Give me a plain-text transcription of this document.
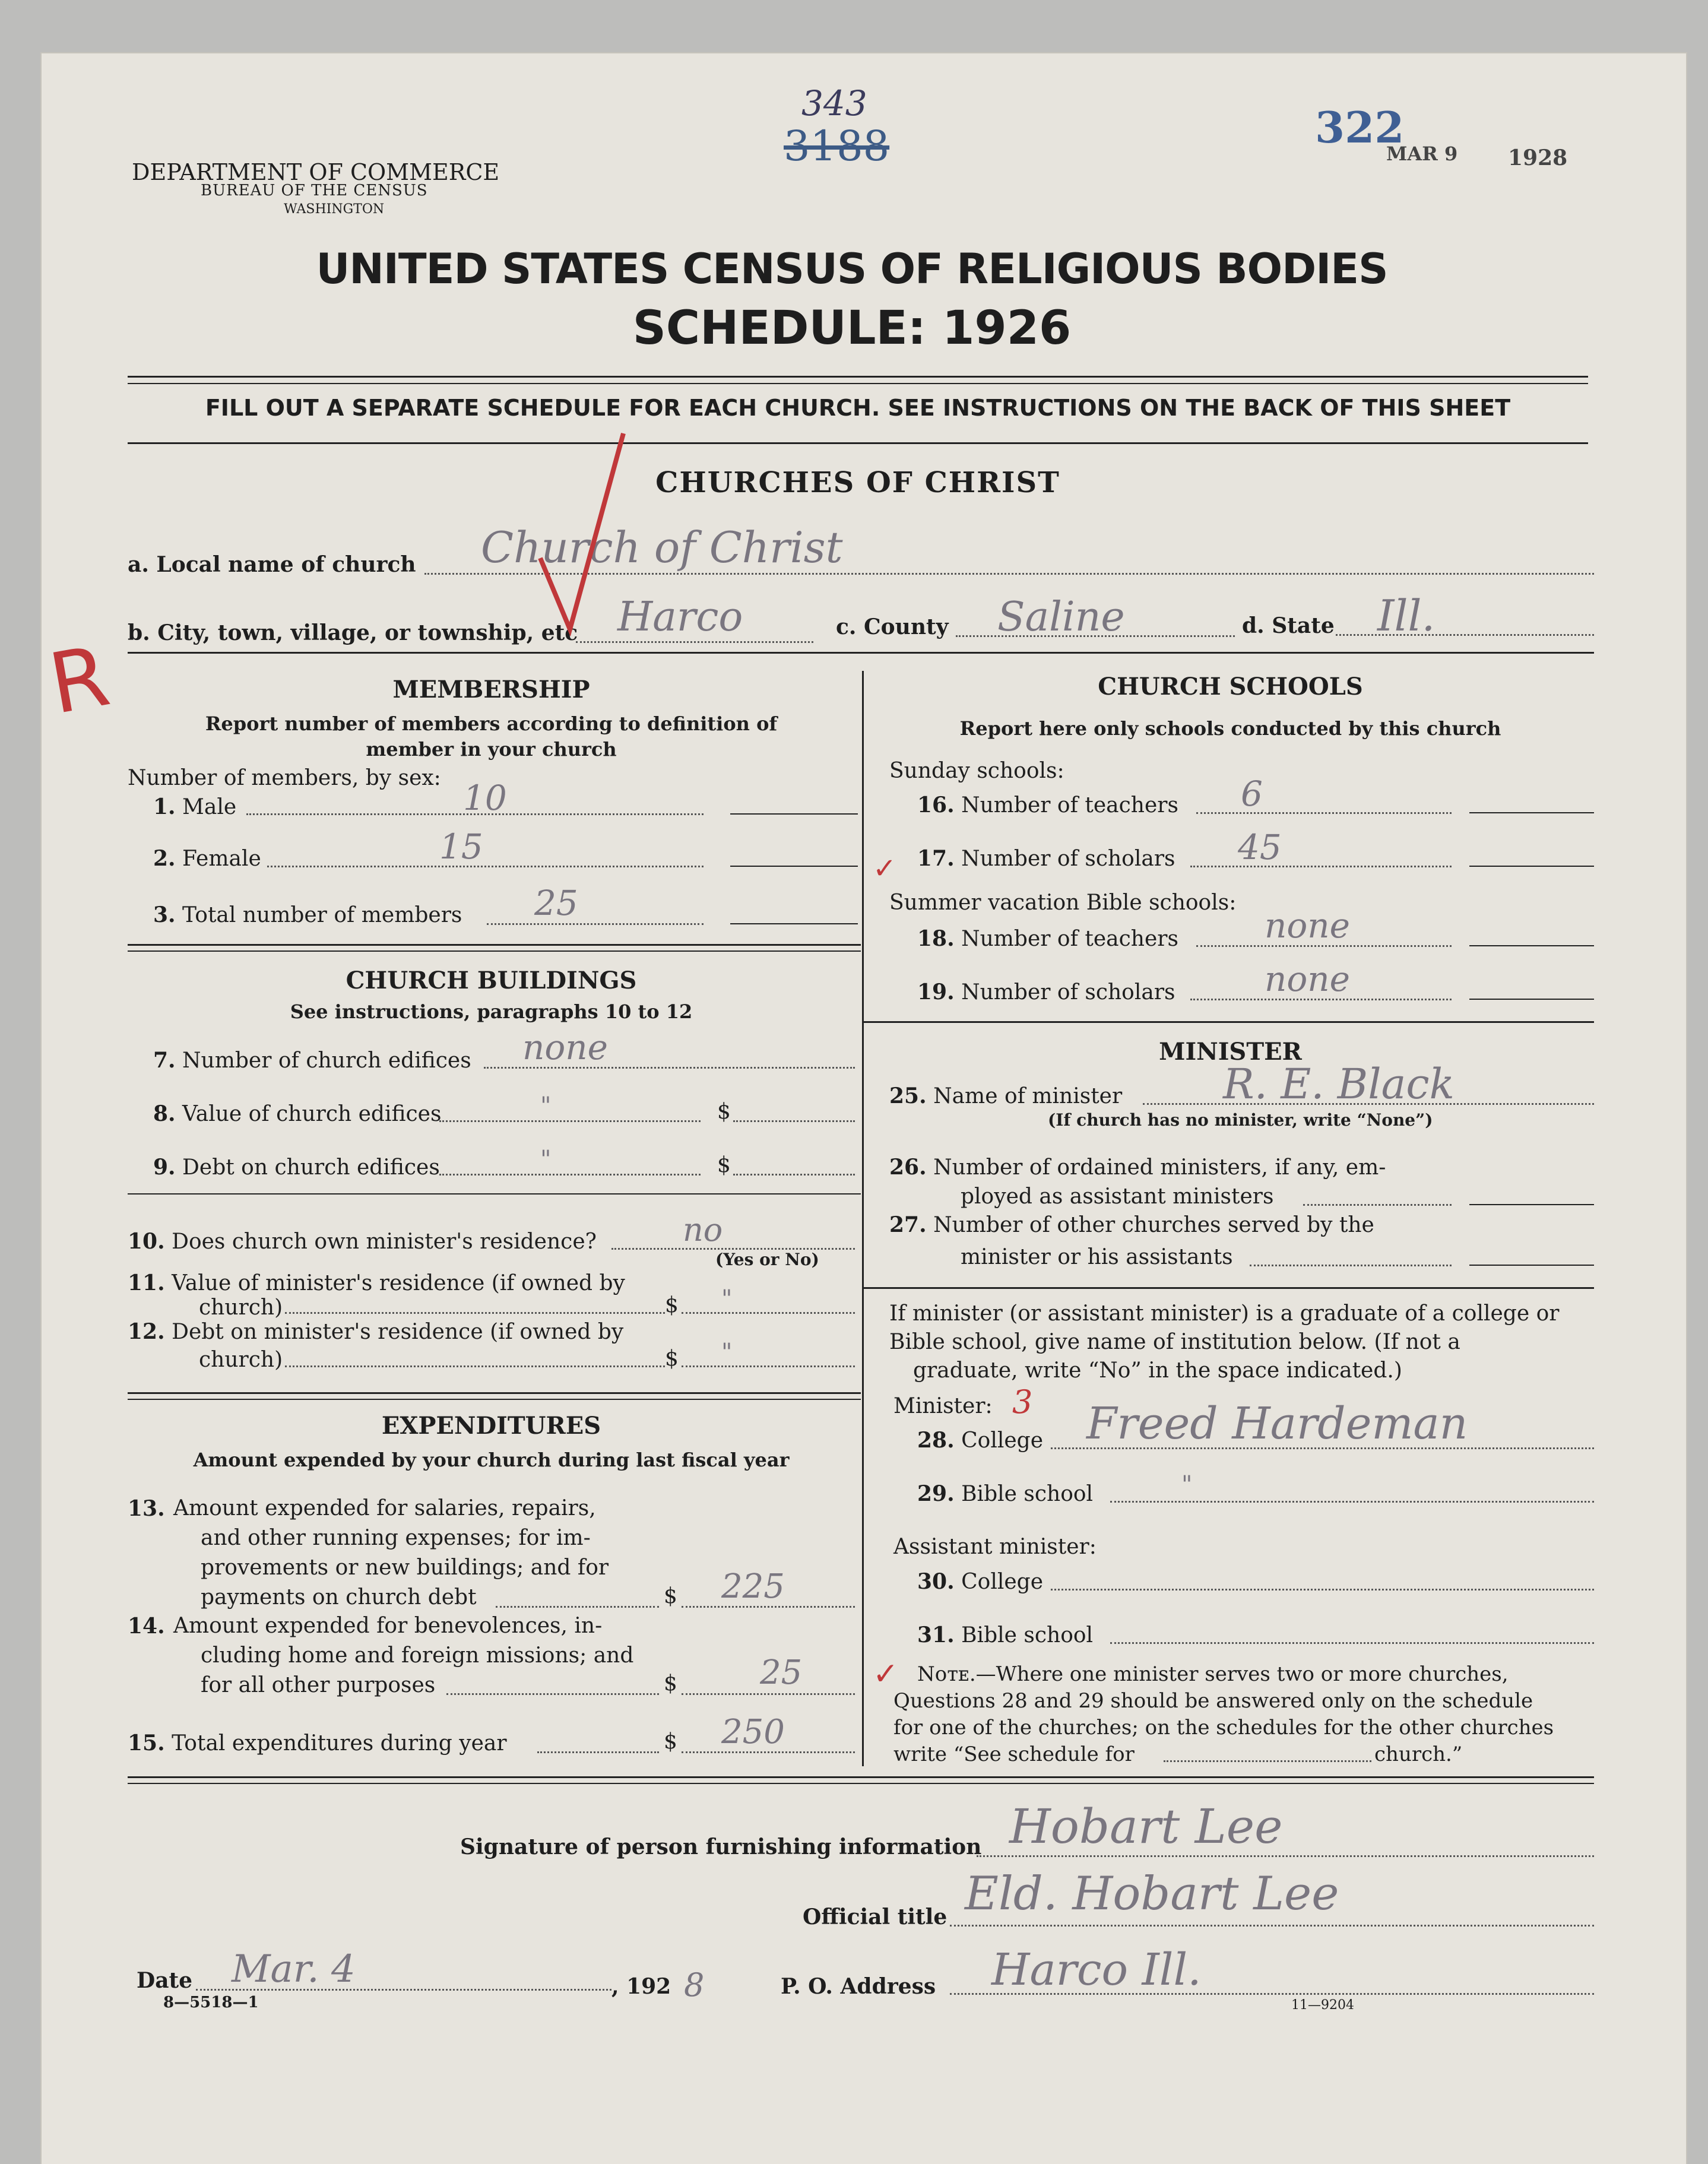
343
3188	322
MAR 9 1928
DEPARTMENT OF COMMERCE
BUREAU OF THE CENSUS
WASHINGTON
UNITED STATES CENSUS OF RELIGIOUS BODIES
SCHEDULE: 1926
FILL OUT A SEPARATE SCHEDULE FOR EACH CHURCH. SEE INSTRUCTIONS ON THE BACK OF THIS SHEET
CHURCHES OF CHRIST
a. Local name of church Church of Christ
b. City, town, village, or township, etc Harco	c. County Saline	d. State Ill.
R	MEMBERSHIP
Report number of members according to definition of
member in your church
Number of members, by sex:
1. Male	10
2. Female	15
3. Total number of members 25
CHURCH BUILDINGS
See instructions, paragraphs 10 to 12
7. Number of church edifices none
8. Value of church edifices	"	$
9. Debt on church edifices	"	$
10. Does church own minister's residence?	no
(Yes or No)
11. Value of minister's residence (if owned by
church)	$ "
12. Debt on minister's residence (if owned by
church)	$ "
EXPENDITURES
Amount expended by your church during last fiscal year
13. Amount expended for salaries, repairs,
and other running expenses; for im-
provements or new buildings; and for
payments on church debt	$ 225
14. Amount expended for benevolences, in-
cluding home and foreign missions; and
for all other purposes	$ 25
15. Total expenditures during year	$ 250
CHURCH SCHOOLS
Report here only schools conducted by this church
Sunday schools:
16. Number of teachers 6
17. Number of scholars 45
✓
Summer vacation Bible schools:
18. Number of teachers	none
19. Number of scholars	none
MINISTER
25. Name of minister R. E. Black
(If church has no minister, write “None”)
26. Number of ordained ministers, if any, em-
ployed as assistant ministers
27. Number of other churches served by the
minister or his assistants
If minister (or assistant minister) is a graduate of a college or
Bible school, give name of institution below. (If not a
graduate, write “No” in the space indicated.)
Minister: 3
28. College Freed Hardeman
29. Bible school	"
Assistant minister:
30. College
31. Bible school
✓ Nᴏᴛᴇ.—Where one minister serves two or more churches,
Questions 28 and 29 should be answered only on the schedule
for one of the churches; on the schedules for the other churches
write “See schedule for	church.”
Signature of person furnishing information Hobart Lee
Official title Eld. Hobart Lee
Date Mar. 4	, 192 8	P. O. Address Harco Ill.
8—5518—1	11—9204
